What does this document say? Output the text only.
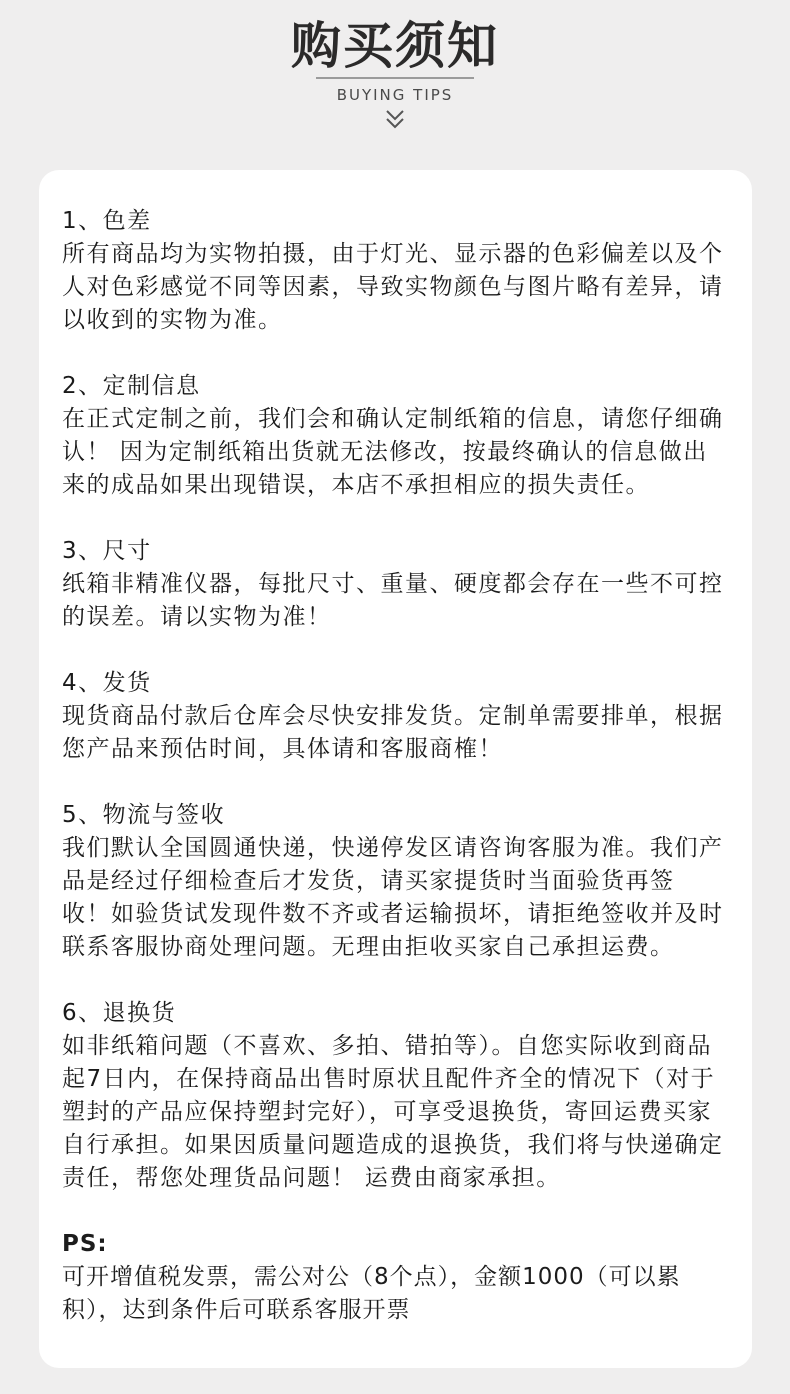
购买须知
BUYING TIPS

1、色差

所有商品均为实物拍摄，由于灯光、显示器的色彩偏差以及个

人对色彩感觉不同等因素，导致实物颜色与图片略有差异，请

以收到的实物为准。

2、定制信息

在正式定制之前，我们会和确认定制纸箱的信息，请您仔细确

认！ 因为定制纸箱出货就无法修改，按最终确认的信息做出

来的成品如果出现错误，本店不承担相应的损失责任。

3、尺寸

纸箱非精准仪器，每批尺寸、重量、硬度都会存在一些不可控

的误差。请以实物为准！

4、发货

现货商品付款后仓库会尽快安排发货。定制单需要排单，根据

您产品来预估时间，具体请和客服商榷！

5、物流与签收

我们默认全国圆通快递，快递停发区请咨询客服为准。我们产

品是经过仔细检查后才发货，请买家提货时当面验货再签

收！如验货试发现件数不齐或者运输损坏，请拒绝签收并及时

联系客服协商处理问题。无理由拒收买家自己承担运费。

6、退换货

如非纸箱问题（不喜欢、多拍、错拍等）。自您实际收到商品

起7日内，在保持商品出售时原状且配件齐全的情况下（对于

塑封的产品应保持塑封完好），可享受退换货，寄回运费买家

自行承担。如果因质量问题造成的退换货，我们将与快递确定

责任，帮您处理货品问题！ 运费由商家承担。

PS:

可开增值税发票，需公对公（8个点），金额1000（可以累

积），达到条件后可联系客服开票
